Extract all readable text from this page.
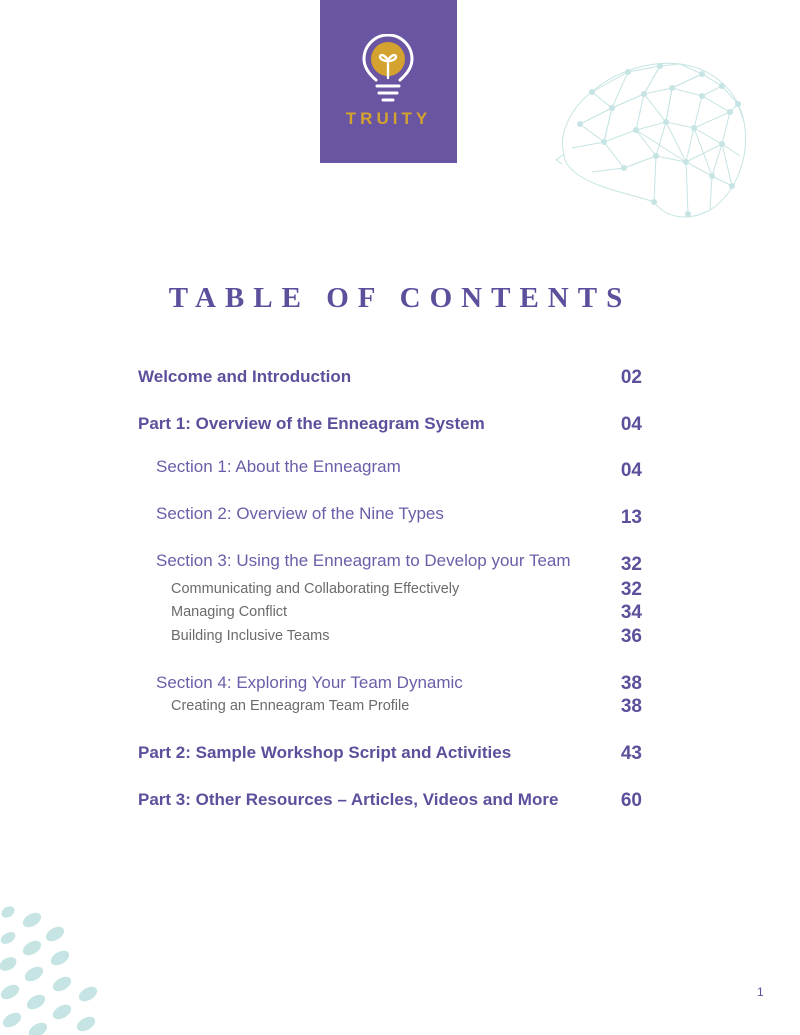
TRUITY
TABLE OF CONTENTS
Welcome and Introduction	02
Part 1: Overview of the Enneagram System	04
Section 1: About the Enneagram	04
Section 2: Overview of the Nine Types	13
Section 3: Using the Enneagram to Develop your Team	32
Communicating and Collaborating Effectively	32
Managing Conflict	34
Building Inclusive Teams	36
Section 4: Exploring Your Team Dynamic	38
Creating an Enneagram Team Profile	38
Part 2: Sample Workshop Script and Activities	43
Part 3: Other Resources – Articles, Videos and More	60
1
